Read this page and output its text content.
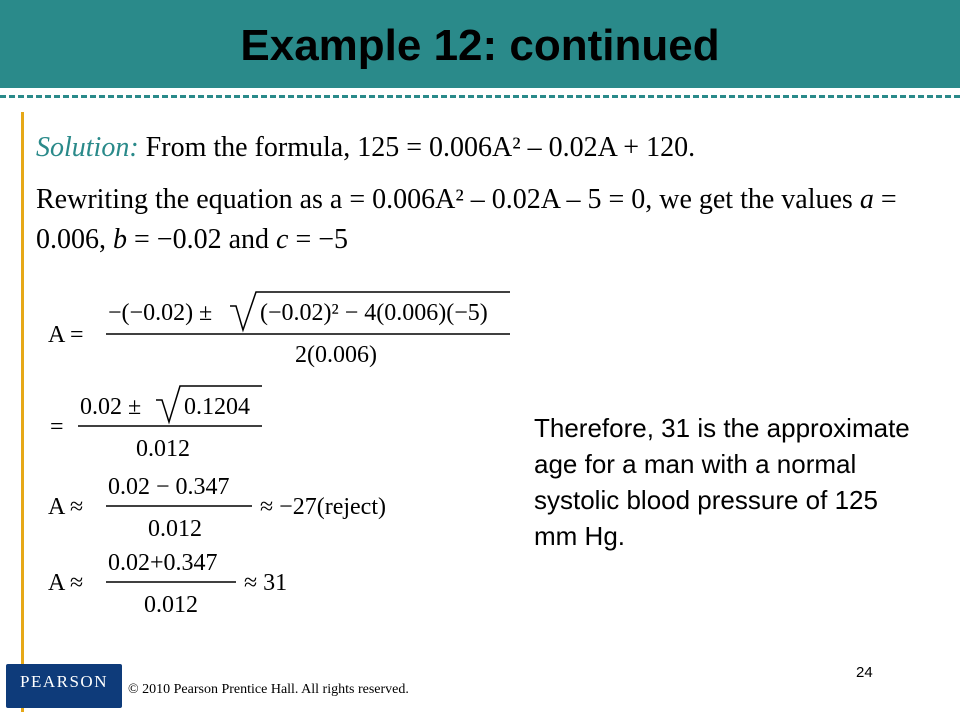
Example 12: continued
Solution: From the formula, 125 = 0.006A² – 0.02A + 120.
Rewriting the equation as a = 0.006A² – 0.02A – 5 = 0, we get the values a = 0.006, b = −0.02 and c = −5
A =
−(−0.02) ± (−0.02)² − 4(0.006)(−5)
2(0.006)
=
0.02 ± 0.1204
0.012
A ≈
0.02 − 0.347
0.012
≈ −27(reject)
A ≈
0.02+0.347
0.012
≈ 31
Therefore, 31 is the approximate age for a man with a normal systolic blood pressure of 125 mm Hg.
24
PEARSON	© 2010 Pearson Prentice Hall. All rights reserved.
